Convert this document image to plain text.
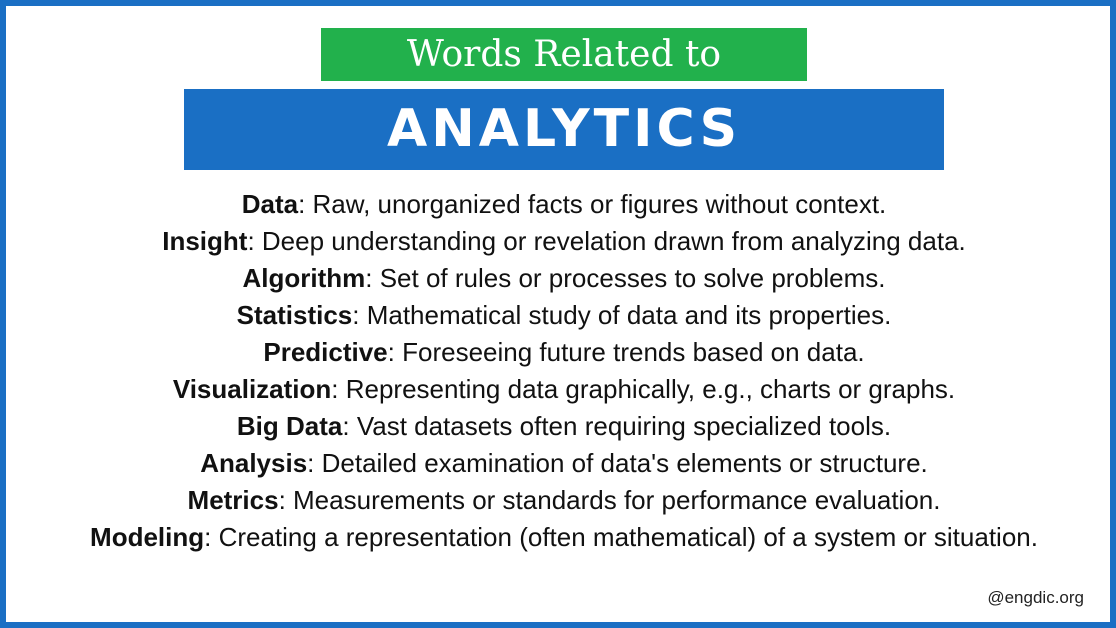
Words Related to
ANALYTICS
Data: Raw, unorganized facts or figures without context.
Insight: Deep understanding or revelation drawn from analyzing data.
Algorithm: Set of rules or processes to solve problems.
Statistics: Mathematical study of data and its properties.
Predictive: Foreseeing future trends based on data.
Visualization: Representing data graphically, e.g., charts or graphs.
Big Data: Vast datasets often requiring specialized tools.
Analysis: Detailed examination of data's elements or structure.
Metrics: Measurements or standards for performance evaluation.
Modeling: Creating a representation (often mathematical) of a system or situation.
@engdic.org
